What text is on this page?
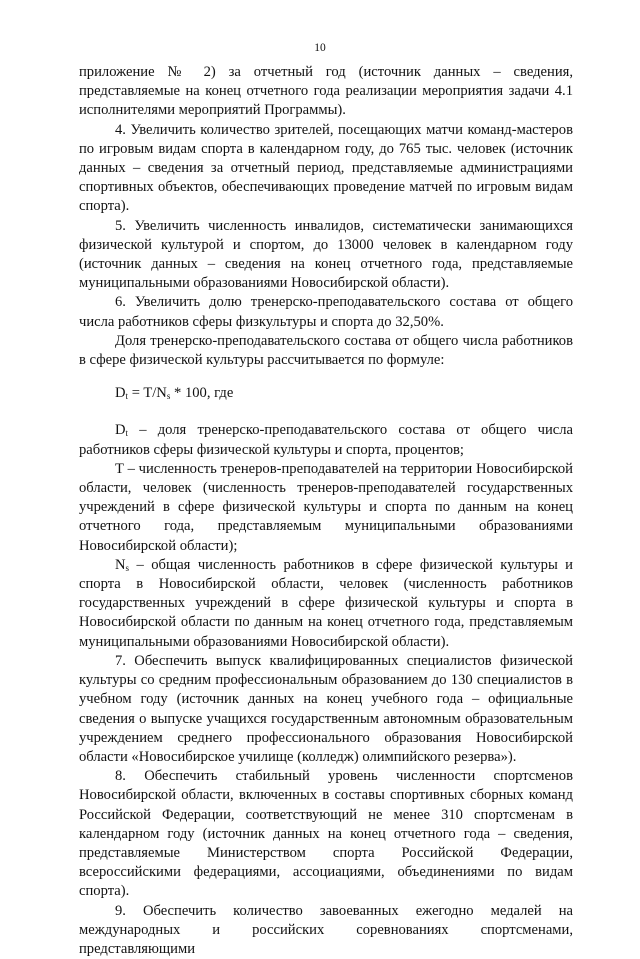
10

приложение № 2) за отчетный год (источник данных – сведения, представляемые на конец отчетного года реализации мероприятия задачи 4.1 исполнителями мероприятий Программы).

4. Увеличить количество зрителей, посещающих матчи команд-мастеров по игровым видам спорта в календарном году, до 765 тыс. человек (источник данных – сведения за отчетный период, представляемые администрациями спортивных объектов, обеспечивающих проведение матчей по игровым видам спорта).

5. Увеличить численность инвалидов, систематически занимающихся физической культурой и спортом, до 13000 человек в календарном году (источник данных – сведения на конец отчетного года, представляемые муниципальными образованиями Новосибирской области).

6. Увеличить долю тренерско-преподавательского состава от общего числа работников сферы физкультуры и спорта до 32,50%.

Доля тренерско-преподавательского состава от общего числа работников в сфере физической культуры рассчитывается по формуле:

$D_t = T/N_s * 100$, где

$D_t$ – доля тренерско-преподавательского состава от общего числа работников сферы физической культуры и спорта, процентов;

Т – численность тренеров-преподавателей на территории Новосибирской области, человек (численность тренеров-преподавателей государственных учреждений в сфере физической культуры и спорта по данным на конец отчетного года, представляемым муниципальными образованиями Новосибирской области);

$N_s$ – общая численность работников в сфере физической культуры и спорта в Новосибирской области, человек (численность работников государственных учреждений в сфере физической культуры и спорта в Новосибирской области по данным на конец отчетного года, представляемым муниципальными образованиями Новосибирской области).

7. Обеспечить выпуск квалифицированных специалистов физической культуры со средним профессиональным образованием до 130 специалистов в учебном году (источник данных на конец учебного года – официальные сведения о выпуске учащихся государственным автономным образовательным учреждением среднего профессионального образования Новосибирской области «Новосибирское училище (колледж) олимпийского резерва»).

8. Обеспечить стабильный уровень численности спортсменов Новосибирской области, включенных в составы спортивных сборных команд Российской Федерации, соответствующий не менее 310 спортсменам в календарном году (источник данных на конец отчетного года – сведения, представляемые Министерством спорта Российской Федерации, всероссийскими федерациями, ассоциациями, объединениями по видам спорта).

9. Обеспечить количество завоеванных ежегодно медалей на международных и российских соревнованиях спортсменами, представляющими
